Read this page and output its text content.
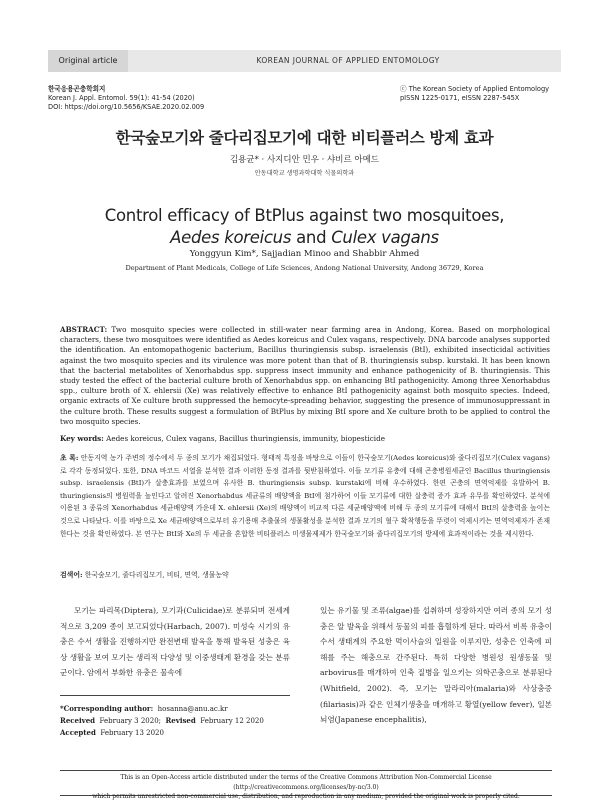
Original article	KOREAN JOURNAL OF APPLIED ENTOMOLOGY
한국응용곤충학회지
Korean J. Appl. Entomol. 59(1): 41-54 (2020)
DOI: https://doi.org/10.5656/KSAE.2020.02.009
ⓒ The Korean Society of Applied Entomology
pISSN 1225-0171, eISSN 2287-545X
한국숲모기와 줄다리집모기에 대한 비티플러스 방제 효과
김용균* · 사지디안 민우 · 샤비르 아메드
안동대학교 생명과학대학 식물의학과
Control efficacy of BtPlus against two mosquitoes,
Aedes koreicus and Culex vagans
Yonggyun Kim*, Sajjadian Minoo and Shabbir Ahmed
Department of Plant Medicals, College of Life Sciences, Andong National University, Andong 36729, Korea
ABSTRACT: Two mosquito species were collected in still-water near farming area in Andong, Korea. Based on morphological characters, these two mosquitoes were identified as Aedes koreicus and Culex vagans, respectively. DNA barcode analyses supported the identification. An entomopathogenic bacterium, Bacillus thuringiensis subsp. israelensis (BtI), exhibited insecticidal activities against the two mosquito species and its virulence was more potent than that of B. thuringiensis subsp. kurstaki. It has been known that the bacterial metabolites of Xenorhabdus spp. suppress insect immunity and enhance pathogenicity of B. thuringiensis. This study tested the effect of the bacterial culture broth of Xenorhabdus spp. on enhancing BtI pathogenicity. Among three Xenorhabdus spp., culture broth of X. ehlersii (Xe) was relatively effective to enhance BtI pathogenicity against both mosquito species. Indeed, organic extracts of Xe culture broth suppressed the hemocyte-spreading behavior, suggesting the presence of immunosuppressant in the culture broth. These results suggest a formulation of BtPlus by mixing BtI spore and Xe culture broth to be applied to control the two mosquito species.
Key words: Aedes koreicus, Culex vagans, Bacillus thuringiensis, immunity, biopesticide
초 록: 안동지역 농가 주변의 정수에서 두 종의 모기가 채집되었다. 형태적 특징을 바탕으로 이들이 한국숲모기(Aedes koreicus)와 줄다리집모기(Culex vagans)로 각각 동정되었다. 또한, DNA 바코드 서열을 분석한 결과 이러한 동정 결과를 뒷받침하였다. 이들 모기류 유충에 대해 곤충병원세균인 Bacillus thuringiensis subsp. israelensis (BtI)가 살충효과를 보였으며 유사한 B. thuringiensis subsp. kurstaki에 비해 우수하였다. 한편 곤충의 면역억제를 유발하여 B. thuringiensis의 병원력을 높인다고 알려진 Xenorhabdus 세균류의 배양액을 BtI에 첨가하여 이들 모기류에 대한 살충력 증가 효과 유무를 확인하였다. 분석에 이용된 3 종류의 Xenorhabdus 세균배양액 가운데 X. ehlersii (Xe)의 배양액이 비교적 다른 세균배양액에 비해 두 종의 모기류에 대해서 BtI의 살충력을 높이는 것으로 나타났다. 이를 바탕으로 Xe 세균배양액으로부터 유기용매 추출물의 생물활성을 분석한 결과 모기의 혈구 확착행동을 뚜렷이 억제시키는 면역억제자가 존재한다는 것을 확인하였다. 본 연구는 BtI와 Xe의 두 세균을 혼합한 비티플러스 미생물제제가 한국숲모기와 줄다리집모기의 방제에 효과적이라는 것을 제시한다.
검색어: 한국숲모기, 줄다리집모기, 비티, 면역, 생물농약
모기는 파리목(Diptera), 모기과(Culicidae)로 분류되며 전세계적으로 3,209 종이 보고되었다(Harbach, 2007). 미성숙 시기의 유충은 수서 생활을 진행하지만 완전변태 발육을 통해 발육된 성충은 육상 생활을 보여 모기는 생리적 다양성 및 이중생태계 환경을 갖는 분류군이다. 암에서 부화한 유충은 물속에
있는 유기물 및 조류(algae)를 섭취하며 성장하지만 여러 종의 모기 성충은 알 발육을 위해서 동물의 피를 흡혈하게 된다. 따라서 비록 유충이 수서 생태계의 주요한 먹이사슬의 일원을 이루지만, 성충은 인축에 피해를 주는 해충으로 간주된다. 특히 다양한 병원성 원생동물 및 arbovirus를 매개하여 인축 질병을 일으키는 의학곤충으로 분류된다(Whitfield, 2002). 즉, 모기는 말라리아(malaria)와 사상충증(filariasis)과 같은 인체기생충을 매개하고 황열(yellow fever), 일본뇌염(Japanese encephalitis),
*Corresponding author: hosanna@anu.ac.kr
Received February 3 2020; Revised February 12 2020
Accepted February 13 2020
This is an Open-Access article distributed under the terms of the Creative Commons Attribution Non-Commercial License (http://creativecommons.org/licenses/by-nc/3.0)
which permits unrestricted non-commercial use, distribution, and reproduction in any medium, provided the original work is properly cited.
